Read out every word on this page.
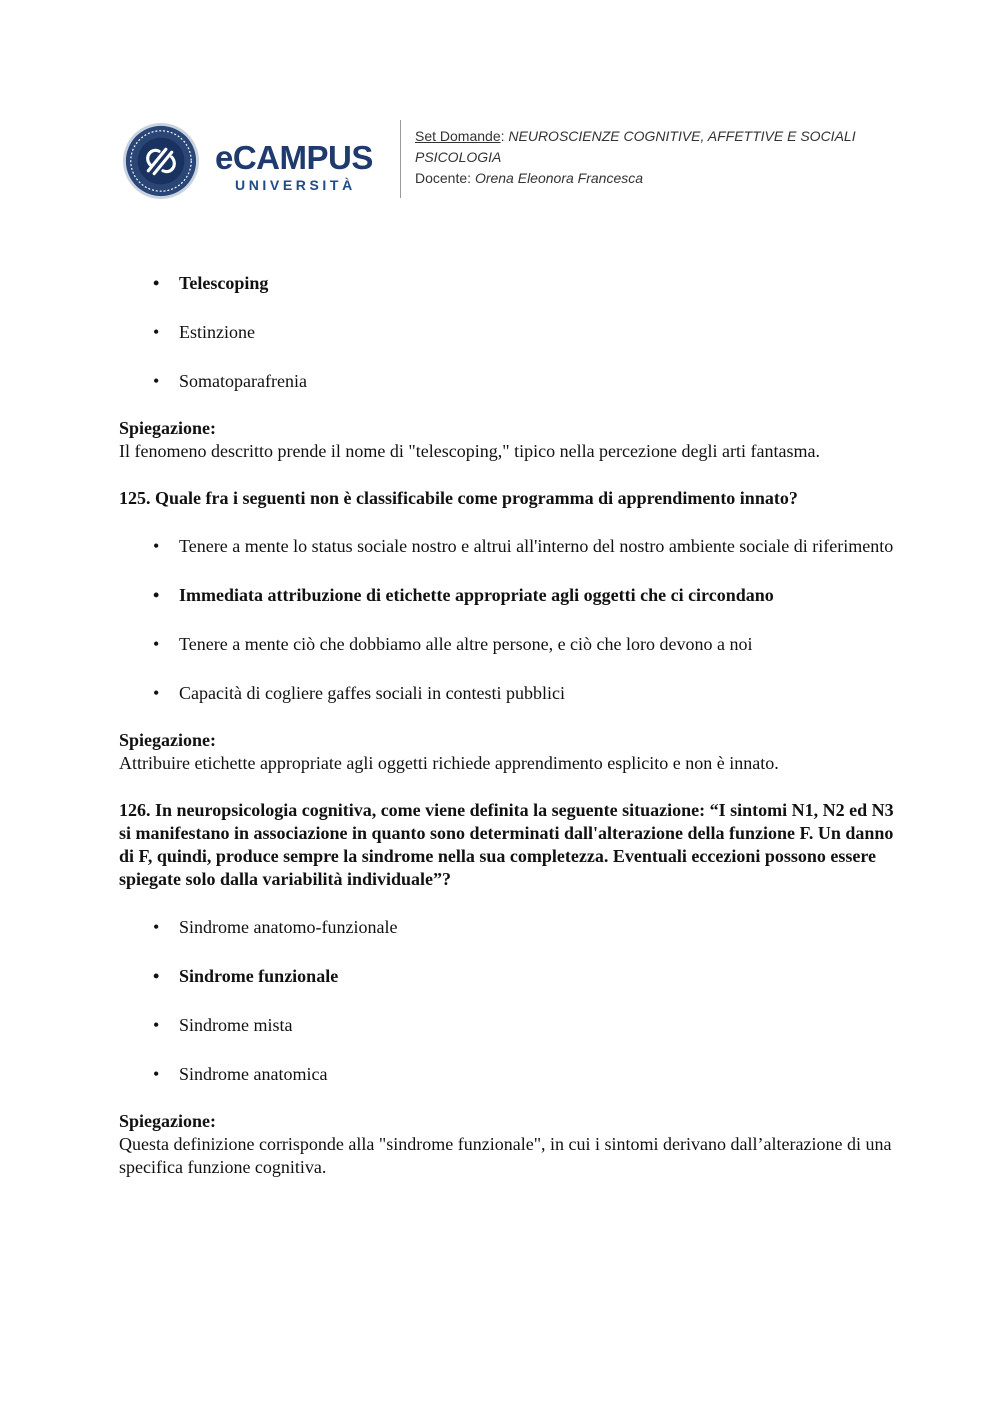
eCAMPUS
UNIVERSITÀ
Set Domande: NEUROSCIENZE COGNITIVE, AFFETTIVE E SOCIALI
PSICOLOGIA
Docente: Orena Eleonora Francesca
• Telescoping
• Estinzione
• Somatoparafrenia
Spiegazione:
Il fenomeno descritto prende il nome di "telescoping," tipico nella percezione degli arti fantasma.
125. Quale fra i seguenti non è classificabile come programma di apprendimento innato?
• Tenere a mente lo status sociale nostro e altrui all'interno del nostro ambiente sociale di riferimento
• Immediata attribuzione di etichette appropriate agli oggetti che ci circondano
• Tenere a mente ciò che dobbiamo alle altre persone, e ciò che loro devono a noi
• Capacità di cogliere gaffes sociali in contesti pubblici
Spiegazione:
Attribuire etichette appropriate agli oggetti richiede apprendimento esplicito e non è innato.
126. In neuropsicologia cognitiva, come viene definita la seguente situazione: “I sintomi N1, N2 ed N3 si manifestano in associazione in quanto sono determinati dall'alterazione della funzione F. Un danno di F, quindi, produce sempre la sindrome nella sua completezza. Eventuali eccezioni possono essere spiegate solo dalla variabilità individuale”?
• Sindrome anatomo-funzionale
• Sindrome funzionale
• Sindrome mista
• Sindrome anatomica
Spiegazione:
Questa definizione corrisponde alla "sindrome funzionale", in cui i sintomi derivano dall’alterazione di una specifica funzione cognitiva.
